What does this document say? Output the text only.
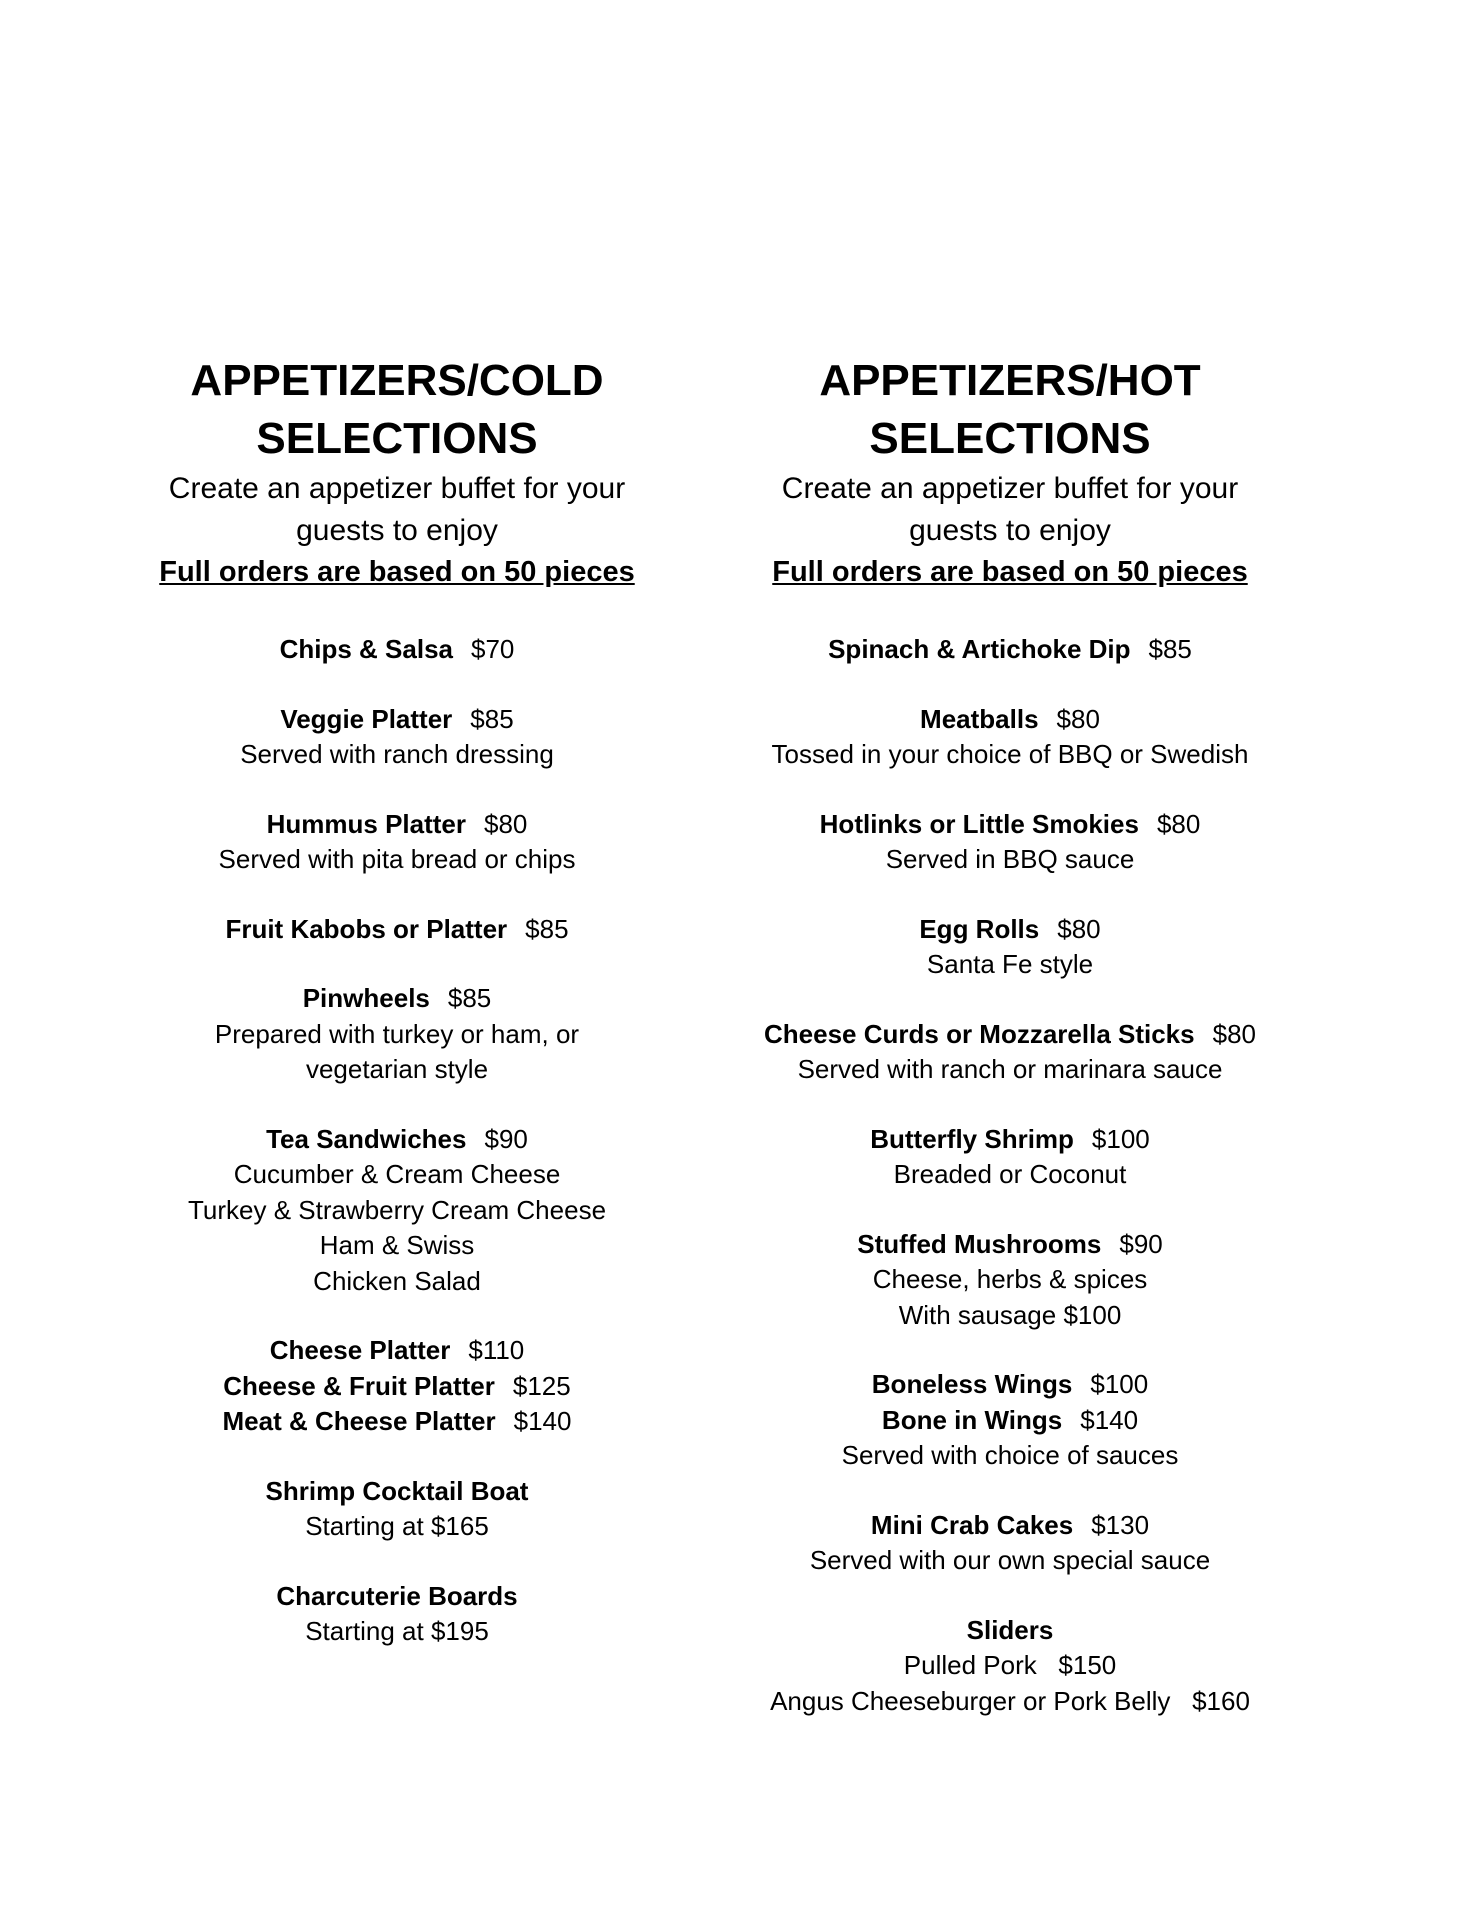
APPETIZERS/COLD
SELECTIONS
Create an appetizer buffet for your
guests to enjoy
Full orders are based on 50 pieces
Chips & Salsa $70
Veggie Platter $85
Served with ranch dressing
Hummus Platter $80
Served with pita bread or chips
Fruit Kabobs or Platter $85
Pinwheels $85
Prepared with turkey or ham, or
vegetarian style
Tea Sandwiches $90
Cucumber & Cream Cheese
Turkey & Strawberry Cream Cheese
Ham & Swiss
Chicken Salad
Cheese Platter $110
Cheese & Fruit Platter $125
Meat & Cheese Platter $140
Shrimp Cocktail Boat
Starting at $165
Charcuterie Boards
Starting at $195
APPETIZERS/HOT
SELECTIONS
Create an appetizer buffet for your
guests to enjoy
Full orders are based on 50 pieces
Spinach & Artichoke Dip $85
Meatballs $80
Tossed in your choice of BBQ or Swedish
Hotlinks or Little Smokies $80
Served in BBQ sauce
Egg Rolls $80
Santa Fe style
Cheese Curds or Mozzarella Sticks $80
Served with ranch or marinara sauce
Butterfly Shrimp $100
Breaded or Coconut
Stuffed Mushrooms $90
Cheese, herbs & spices
With sausage $100
Boneless Wings $100
Bone in Wings $140
Served with choice of sauces
Mini Crab Cakes $130
Served with our own special sauce
Sliders
Pulled Pork   $150
Angus Cheeseburger or Pork Belly   $160
